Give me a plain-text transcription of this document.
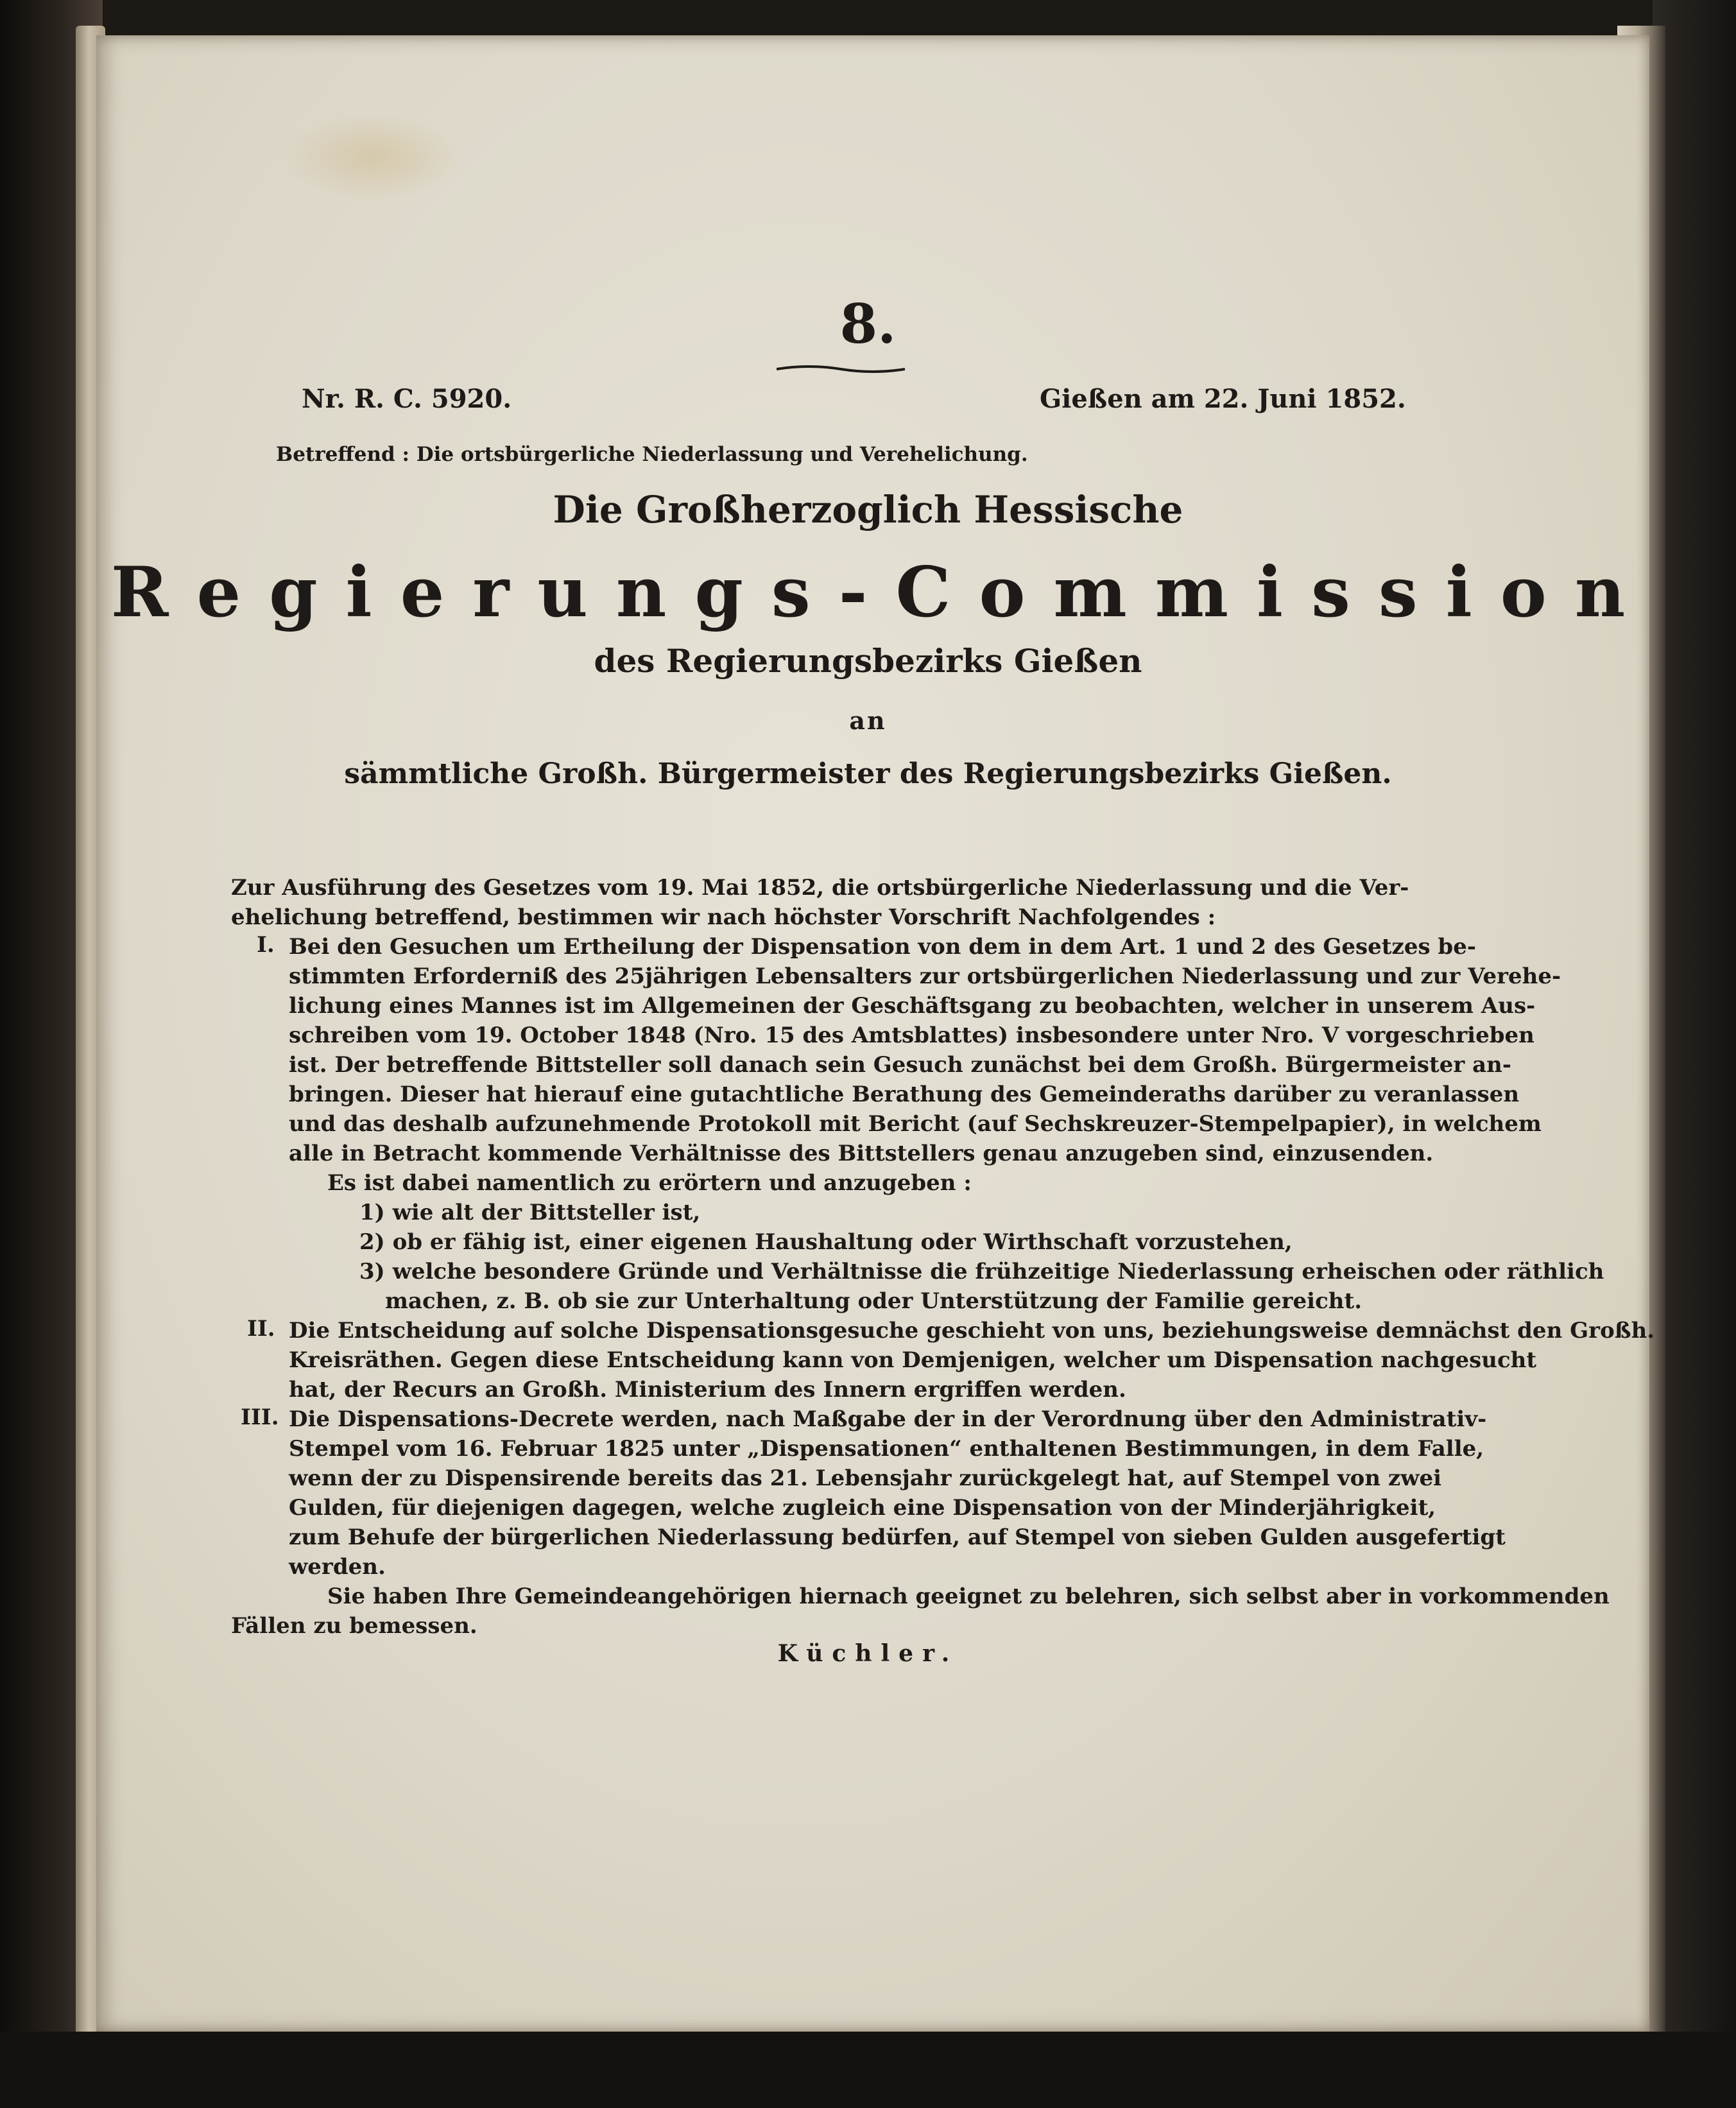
8.
Nr. R. C. 5920.	Gießen am 22. Juni 1852.
Betreffend : Die ortsbürgerliche Niederlassung und Verehelichung.
Die Großherzoglich Hessische
Regierungs-Commission
des Regierungsbezirks Gießen
an
sämmtliche Großh. Bürgermeister des Regierungsbezirks Gießen.
Zur Ausführung des Gesetzes vom 19. Mai 1852, die ortsbürgerliche Niederlassung und die Ver-
ehelichung betreffend, bestimmen wir nach höchster Vorschrift Nachfolgendes :
Bei den Gesuchen um Ertheilung der Dispensation von dem in dem Art. 1 und 2 des Gesetzes be-
stimmten Erforderniß des 25jährigen Lebensalters zur ortsbürgerlichen Niederlassung und zur Verehe-
lichung eines Mannes ist im Allgemeinen der Geschäftsgang zu beobachten, welcher in unserem Aus-
schreiben vom 19. October 1848 (Nro. 15 des Amtsblattes) insbesondere unter Nro. V vorgeschrieben
ist. Der betreffende Bittsteller soll danach sein Gesuch zunächst bei dem Großh. Bürgermeister an-
bringen. Dieser hat hierauf eine gutachtliche Berathung des Gemeinderaths darüber zu veranlassen
und das deshalb aufzunehmende Protokoll mit Bericht (auf Sechskreuzer-Stempelpapier), in welchem
alle in Betracht kommende Verhältnisse des Bittstellers genau anzugeben sind, einzusenden.
Es ist dabei namentlich zu erörtern und anzugeben :
1) wie alt der Bittsteller ist,
2) ob er fähig ist, einer eigenen Haushaltung oder Wirthschaft vorzustehen,
3) welche besondere Gründe und Verhältnisse die frühzeitige Niederlassung erheischen oder räthlich
machen, z. B. ob sie zur Unterhaltung oder Unterstützung der Familie gereicht.
Die Entscheidung auf solche Dispensationsgesuche geschieht von uns, beziehungsweise demnächst den Großh.
Kreisräthen. Gegen diese Entscheidung kann von Demjenigen, welcher um Dispensation nachgesucht
hat, der Recurs an Großh. Ministerium des Innern ergriffen werden.
Die Dispensations-Decrete werden, nach Maßgabe der in der Verordnung über den Administrativ-
Stempel vom 16. Februar 1825 unter „Dispensationen“ enthaltenen Bestimmungen, in dem Falle,
wenn der zu Dispensirende bereits das 21. Lebensjahr zurückgelegt hat, auf Stempel von zwei
Gulden, für diejenigen dagegen, welche zugleich eine Dispensation von der Minderjährigkeit,
zum Behufe der bürgerlichen Niederlassung bedürfen, auf Stempel von sieben Gulden ausgefertigt
werden.
Sie haben Ihre Gemeindeangehörigen hiernach geeignet zu belehren, sich selbst aber in vorkommenden
Fällen zu bemessen.
I.
II.
III.
Küchler.
